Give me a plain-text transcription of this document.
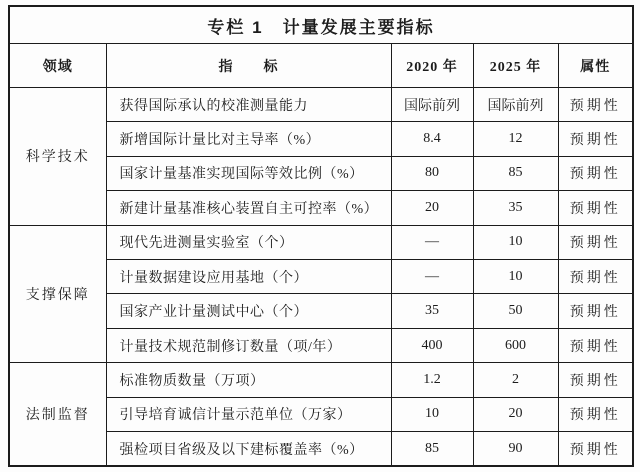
专栏 1　计量发展主要指标				
领域	指　　标	2020 年	2025 年	属性
科学技术	获得国际承认的校准测量能力	国际前列	国际前列	预期性
	新增国际计量比对主导率（%）	8.4	12	预期性
	国家计量基准实现国际等效比例（%）	80	85	预期性
	新建计量基准核心装置自主可控率（%）	20	35	预期性
支撑保障	现代先进测量实验室（个）	—	10	预期性
	计量数据建设应用基地（个）	—	10	预期性
	国家产业计量测试中心（个）	35	50	预期性
	计量技术规范制修订数量（项/年）	400	600	预期性
法制监督	标准物质数量（万项）	1.2	2	预期性
	引导培育诚信计量示范单位（万家）	10	20	预期性
	强检项目省级及以下建标覆盖率（%）	85	90	预期性
